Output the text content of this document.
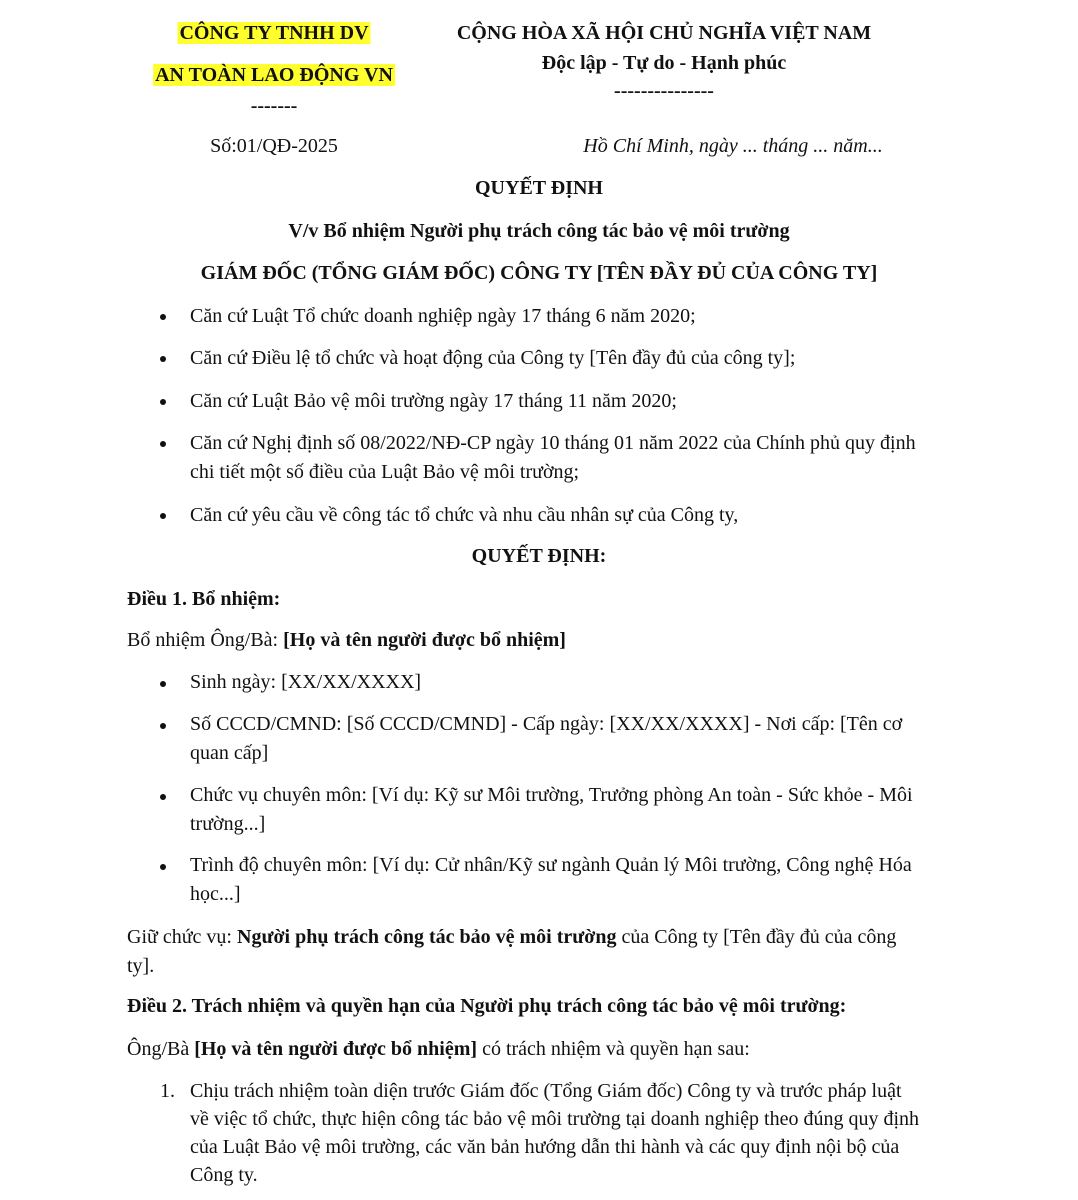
CÔNG TY TNHH DV
AN TOÀN LAO ĐỘNG VN
-------
CỘNG HÒA XÃ HỘI CHỦ NGHĨA VIỆT NAM
Độc lập - Tự do - Hạnh phúc
---------------
Số:01/QĐ-2025	Hồ Chí Minh, ngày ... tháng ... năm...
QUYẾT ĐỊNH
V/v Bổ nhiệm Người phụ trách công tác bảo vệ môi trường
GIÁM ĐỐC (TỔNG GIÁM ĐỐC) CÔNG TY [TÊN ĐẦY ĐỦ CỦA CÔNG TY]
Căn cứ Luật Tổ chức doanh nghiệp ngày 17 tháng 6 năm 2020;
Căn cứ Điều lệ tổ chức và hoạt động của Công ty [Tên đầy đủ của công ty];
Căn cứ Luật Bảo vệ môi trường ngày 17 tháng 11 năm 2020;
Căn cứ Nghị định số 08/2022/NĐ-CP ngày 10 tháng 01 năm 2022 của Chính phủ quy định
chi tiết một số điều của Luật Bảo vệ môi trường;
Căn cứ yêu cầu về công tác tổ chức và nhu cầu nhân sự của Công ty,
QUYẾT ĐỊNH:
Điều 1. Bổ nhiệm:
Bổ nhiệm Ông/Bà: [Họ và tên người được bổ nhiệm]
Sinh ngày: [XX/XX/XXXX]
Số CCCD/CMND: [Số CCCD/CMND] - Cấp ngày: [XX/XX/XXXX] - Nơi cấp: [Tên cơ
quan cấp]
Chức vụ chuyên môn: [Ví dụ: Kỹ sư Môi trường, Trưởng phòng An toàn - Sức khỏe - Môi
trường...]
Trình độ chuyên môn: [Ví dụ: Cử nhân/Kỹ sư ngành Quản lý Môi trường, Công nghệ Hóa
học...]
Giữ chức vụ: Người phụ trách công tác bảo vệ môi trường của Công ty [Tên đầy đủ của công
ty].
Điều 2. Trách nhiệm và quyền hạn của Người phụ trách công tác bảo vệ môi trường:
Ông/Bà [Họ và tên người được bổ nhiệm] có trách nhiệm và quyền hạn sau:
1. Chịu trách nhiệm toàn diện trước Giám đốc (Tổng Giám đốc) Công ty và trước pháp luật
về việc tổ chức, thực hiện công tác bảo vệ môi trường tại doanh nghiệp theo đúng quy định
của Luật Bảo vệ môi trường, các văn bản hướng dẫn thi hành và các quy định nội bộ của
Công ty.
